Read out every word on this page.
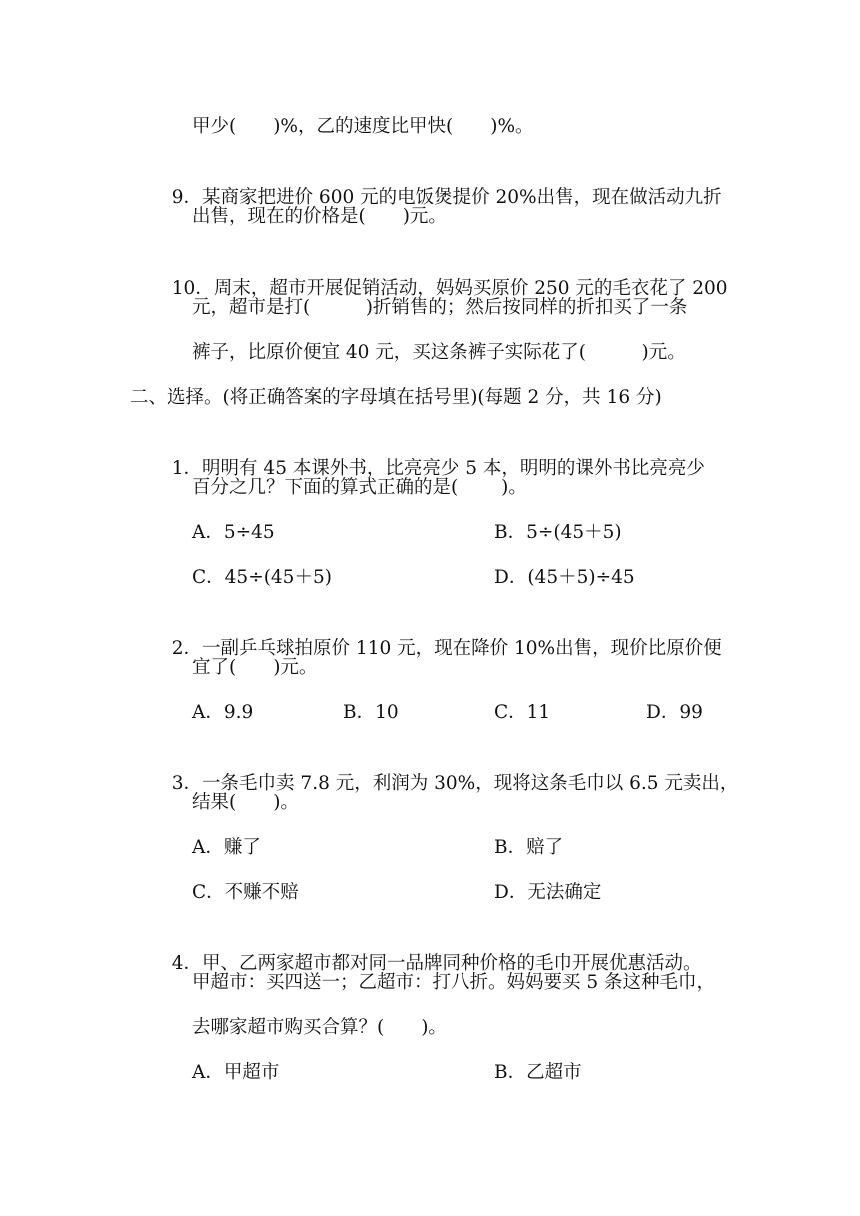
甲少(　　)%，乙的速度比甲快(　　)%。

9．某商家把进价 600 元的电饭煲提价 20%出售，现在做活动九折

出售，现在的价格是(　　)元。

10．周末，超市开展促销活动，妈妈买原价 250 元的毛衣花了 200

元，超市是打(　　　)折销售的；然后按同样的折扣买了一条
裤子，比原价便宜 40 元，买这条裤子实际花了(　　　)元。
二、选择。(将正确答案的字母填在括号里)(每题 2 分，共 16 分)

1．明明有 45 本课外书，比亮亮少 5 本，明明的课外书比亮亮少

百分之几？下面的算式正确的是(　　 )。
A．5÷45	B．5÷(45＋5)
C．45÷(45＋5)	D．(45＋5)÷45

2．一副乒乓球拍原价 110 元，现在降价 10%出售，现价比原价便

宜了(　　)元。
A．9.9	B．10	C．11	D．99

3．一条毛巾卖 7.8 元，利润为 30%，现将这条毛巾以 6.5 元卖出，

结果(　　)。
A．赚了	B．赔了
C．不赚不赔	D．无法确定

4．甲、乙两家超市都对同一品牌同种价格的毛巾开展优惠活动。

甲超市：买四送一；乙超市：打八折。妈妈要买 5 条这种毛巾，
去哪家超市购买合算？(　　)。
A．甲超市	B．乙超市
